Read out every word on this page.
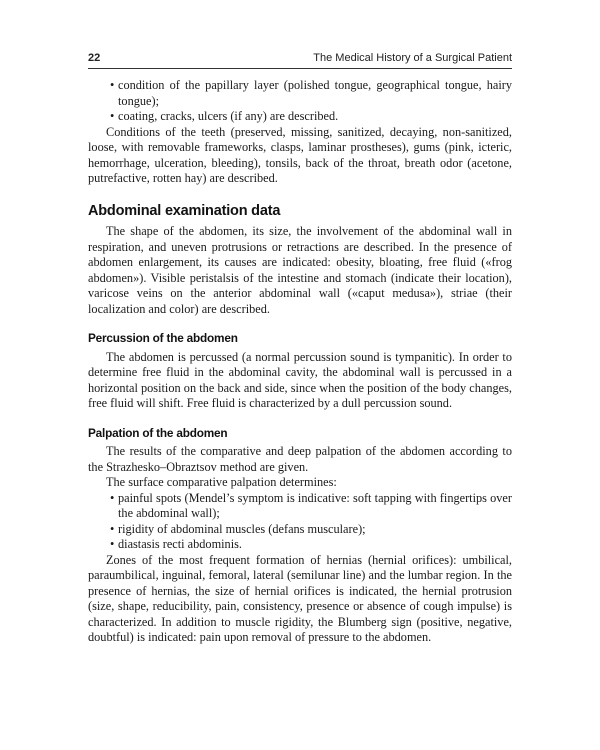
22	The Medical History of a Surgical Patient
• condition of the papillary layer (polished tongue, geographical tongue, hairy tongue);
• coating, cracks, ulcers (if any) are described.

Conditions of the teeth (preserved, missing, sanitized, decaying, non-sanitized, loose, with removable frameworks, clasps, laminar prostheses), gums (pink, icteric, hemorrhage, ulceration, bleeding), tonsils, back of the throat, breath odor (acetone, putrefactive, rotten hay) are described.

Abdominal examination data

The shape of the abdomen, its size, the involvement of the abdominal wall in respiration, and uneven protrusions or retractions are described. In the presence of abdomen enlargement, its causes are indicated: obesity, bloating, free fluid («frog abdomen»). Visible peristalsis of the intestine and stomach (indicate their location), varicose veins on the anterior abdominal wall («caput medusa»), striae (their localization and color) are described.

Percussion of the abdomen

The abdomen is percussed (a normal percussion sound is tympanitic). In order to determine free fluid in the abdominal cavity, the abdominal wall is percussed in a horizontal position on the back and side, since when the position of the body changes, free fluid will shift. Free fluid is characterized by a dull percussion sound.

Palpation of the abdomen

The results of the comparative and deep palpation of the abdomen according to the Strazhesko–Obraztsov method are given.

The surface comparative palpation determines:

• painful spots (Mendel’s symptom is indicative: soft tapping with fingertips over the abdominal wall);
• rigidity of abdominal muscles (defans musculare);
• diastasis recti abdominis.

Zones of the most frequent formation of hernias (hernial orifices): umbilical, paraumbilical, inguinal, femoral, lateral (semilunar line) and the lumbar region. In the presence of hernias, the size of hernial orifices is indicated, the hernial protrusion (size, shape, reducibility, pain, consistency, presence or absence of cough impulse) is characterized. In addition to muscle rigidity, the Blumberg sign (positive, negative, doubtful) is indicated: pain upon removal of pressure to the abdomen.
